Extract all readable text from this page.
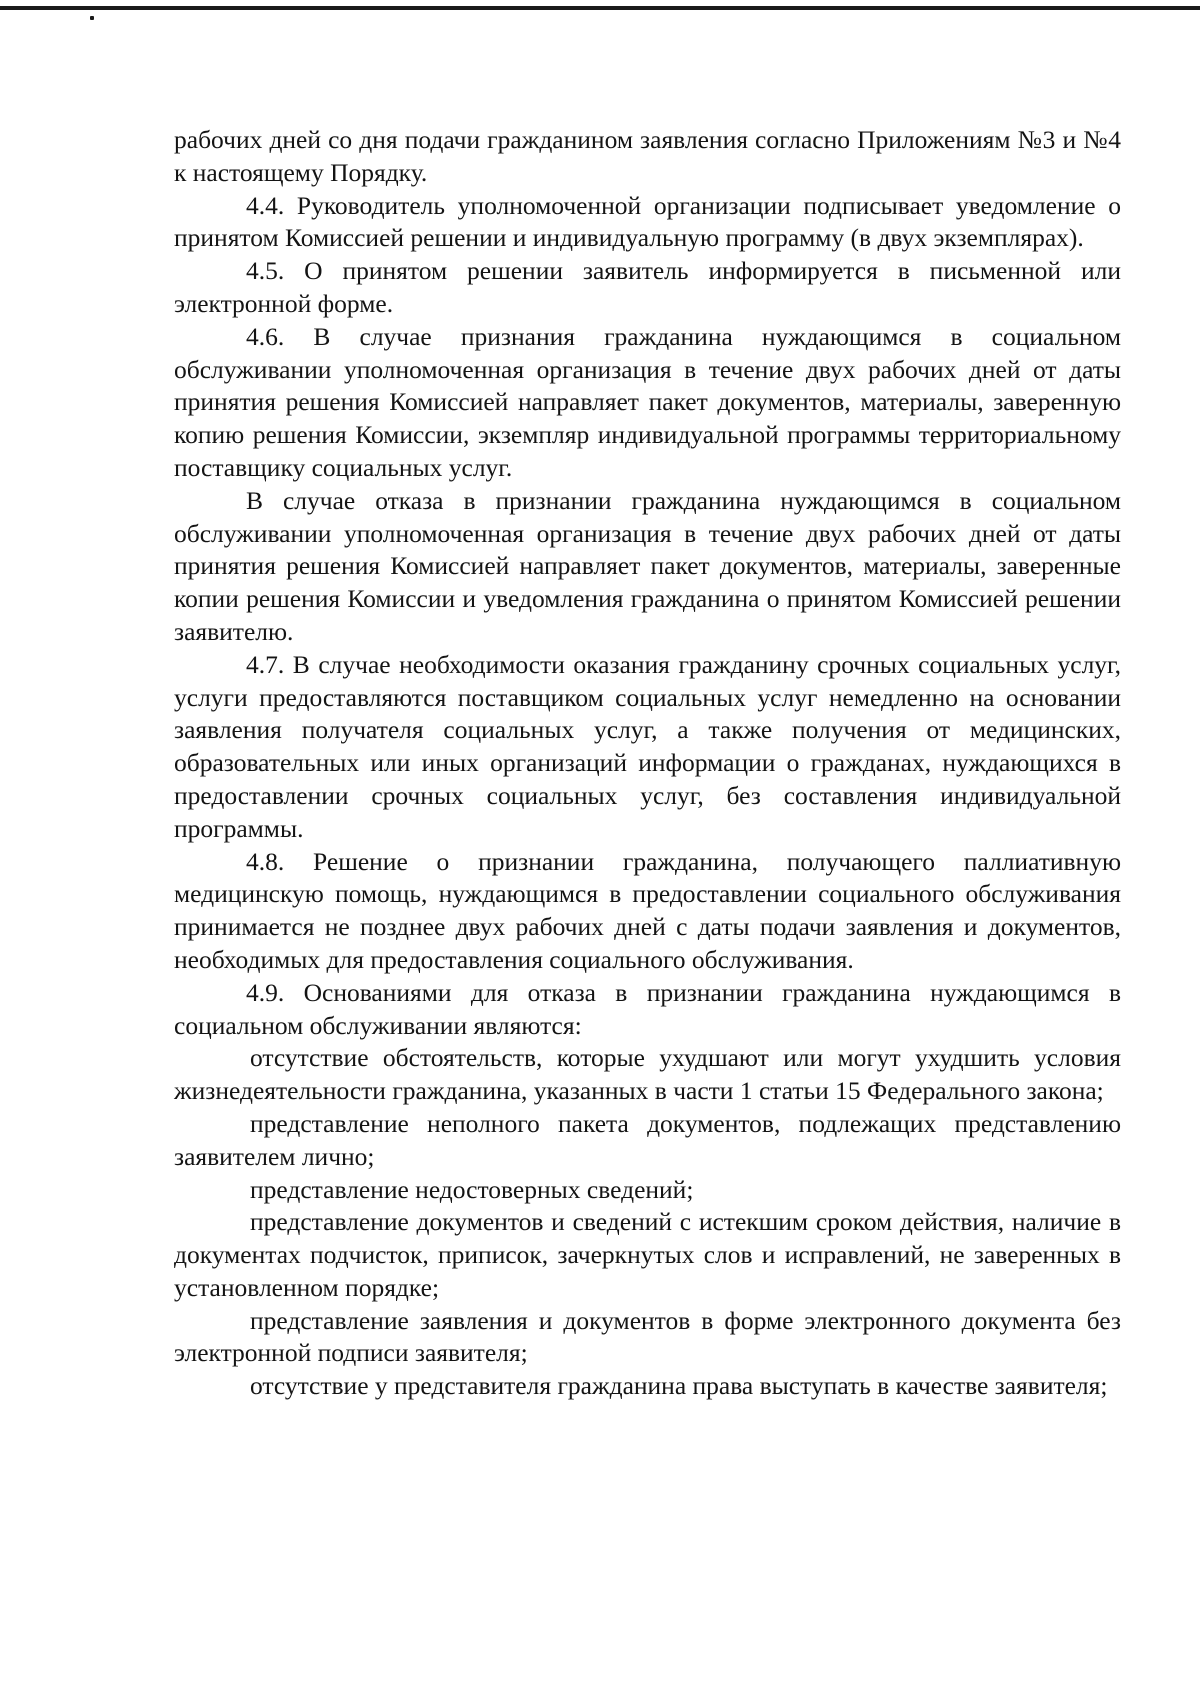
рабочих дней со дня подачи гражданином заявления согласно Приложениям №3 и №4 к настоящему Порядку.

4.4. Руководитель уполномоченной организации подписывает уведомление о принятом Комиссией решении и индивидуальную программу (в двух экземплярах).

4.5. О принятом решении заявитель информируется в письменной или электронной форме.

4.6. В случае признания гражданина нуждающимся в социальном обслуживании уполномоченная организация в течение двух рабочих дней от даты принятия решения Комиссией направляет пакет документов, материалы, заверенную копию решения Комиссии, экземпляр индивидуальной программы территориальному поставщику социальных услуг.

В случае отказа в признании гражданина нуждающимся в социальном обслуживании уполномоченная организация в течение двух рабочих дней от даты принятия решения Комиссией направляет пакет документов, материалы, заверенные копии решения Комиссии и уведомления гражданина о принятом Комиссией решении заявителю.

4.7. В случае необходимости оказания гражданину срочных социальных услуг, услуги предоставляются поставщиком социальных услуг немедленно на основании заявления получателя социальных услуг, а также получения от медицинских, образовательных или иных организаций информации о гражданах, нуждающихся в предоставлении срочных социальных услуг, без составления индивидуальной программы.

4.8. Решение о признании гражданина, получающего паллиативную медицинскую помощь, нуждающимся в предоставлении социального обслуживания принимается не позднее двух рабочих дней с даты подачи заявления и документов, необходимых для предоставления социального обслуживания.

4.9. Основаниями для отказа в признании гражданина нуждающимся в социальном обслуживании являются:

отсутствие обстоятельств, которые ухудшают или могут ухудшить условия жизнедеятельности гражданина, указанных в части 1 статьи 15 Федерального закона;

представление неполного пакета документов, подлежащих представлению заявителем лично;

представление недостоверных сведений;

представление документов и сведений с истекшим сроком действия, наличие в документах подчисток, приписок, зачеркнутых слов и исправлений, не заверенных в установленном порядке;

представление заявления и документов в форме электронного документа без электронной подписи заявителя;

отсутствие у представителя гражданина права выступать в качестве заявителя;
